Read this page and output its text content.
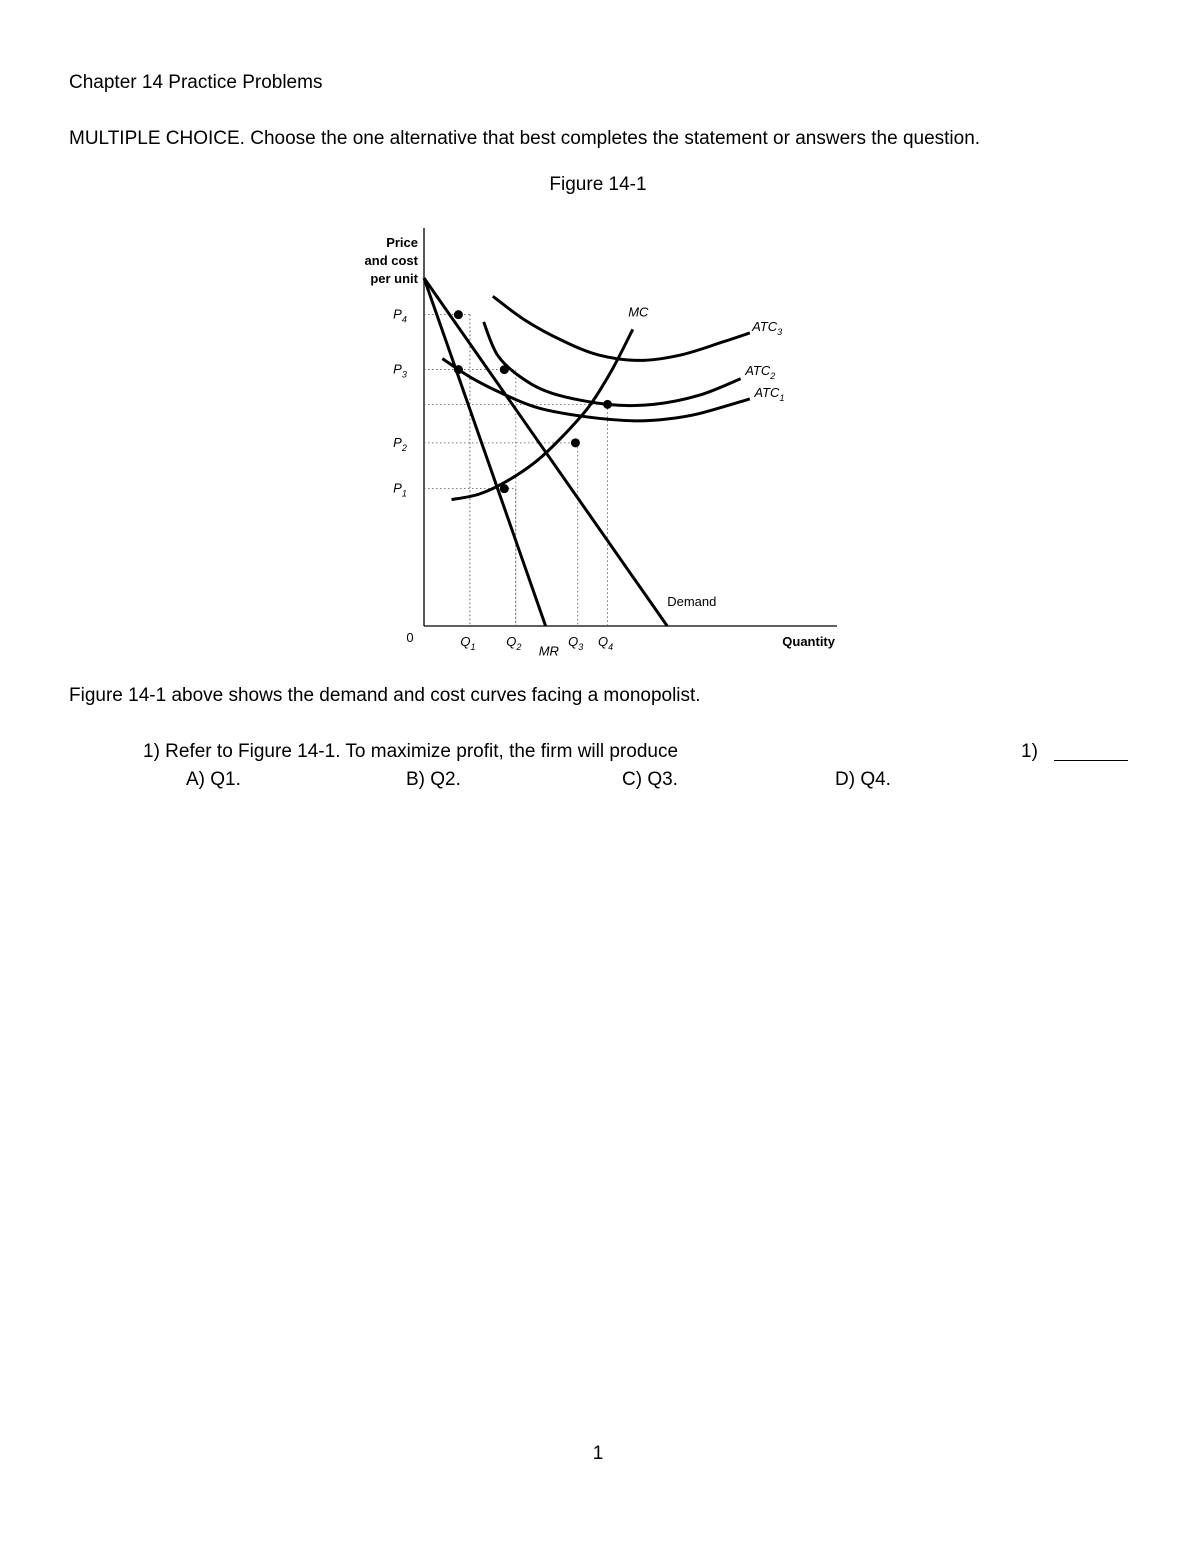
Chapter 14 Practice Problems
MULTIPLE CHOICE. Choose the one alternative that best completes the statement or answers the question.
Figure 14-1
Price
and cost
per unit
Quantity
0
$P_4$
$P_3$
$P_2$
$P_1$
$Q_1$ $Q_2$	$Q_3$ $Q_4$
Demand
MR
MC
$ATC_1$
$ATC_2$
$ATC_3$
Figure 14-1 above shows the demand and cost curves facing a monopolist.
1) Refer to Figure 14-1. To maximize profit, the firm will produce	1)
A) Q1.	B) Q2.	C) Q3.	D) Q4.
1
